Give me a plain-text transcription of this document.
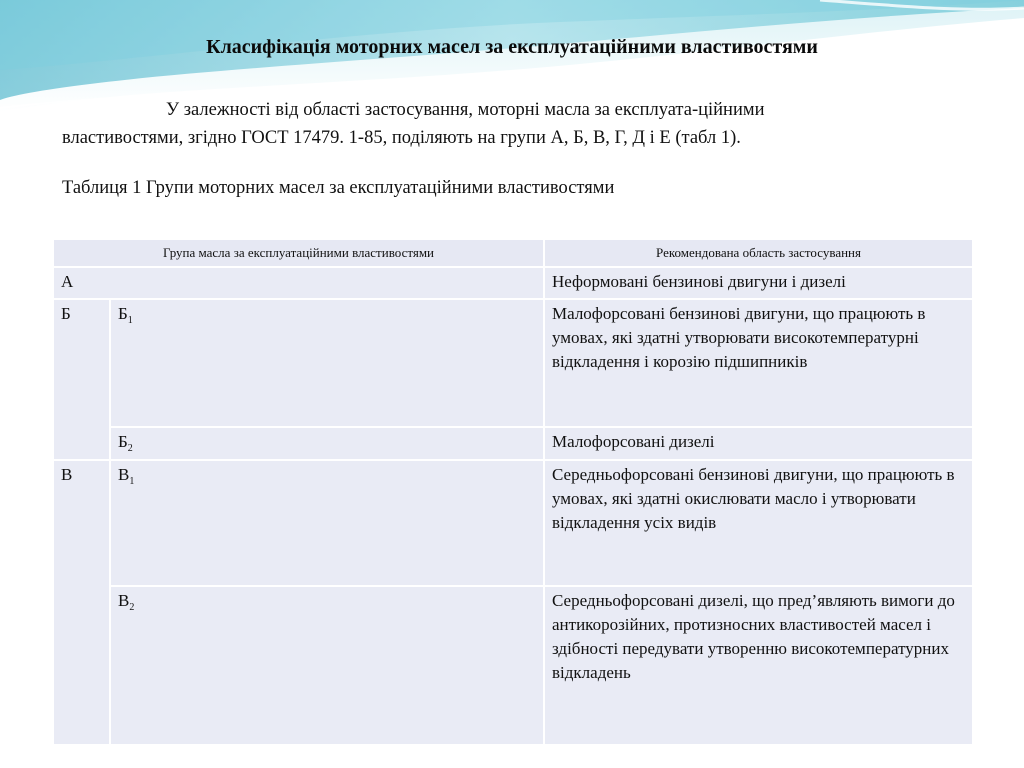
Класифікація моторних масел за експлуатаційними властивостями
У залежності від області застосування, моторні масла за експлуата-ційними
властивостями, згідно ГОСТ 17479. 1-85, поділяють на групи А, Б, В, Г, Д і Е (табл 1).
Таблиця 1 Групи моторних масел за експлуатаційними властивостями
Група масла за експлуатаційними властивостями		Рекомендована область застосування
А		Неформовані бензинові двигуни і дизелі
Б	$Б_1$	Малофорсовані бензинові двигуни, що працюють в умовах, які здатні утворювати високотемпературні відкладення і корозію підшипників
	$Б_2$	Малофорсовані дизелі
В	$В_1$	Середньофорсовані бензинові двигуни, що працюють в умовах, які здатні окислювати масло і утворювати відкладення усіх видів
	$В_2$	Середньофорсовані дизелі, що пред’являють вимоги до антикорозійних, протизносних властивостей масел і здібності передувати утворенню високотемпературних відкладень
